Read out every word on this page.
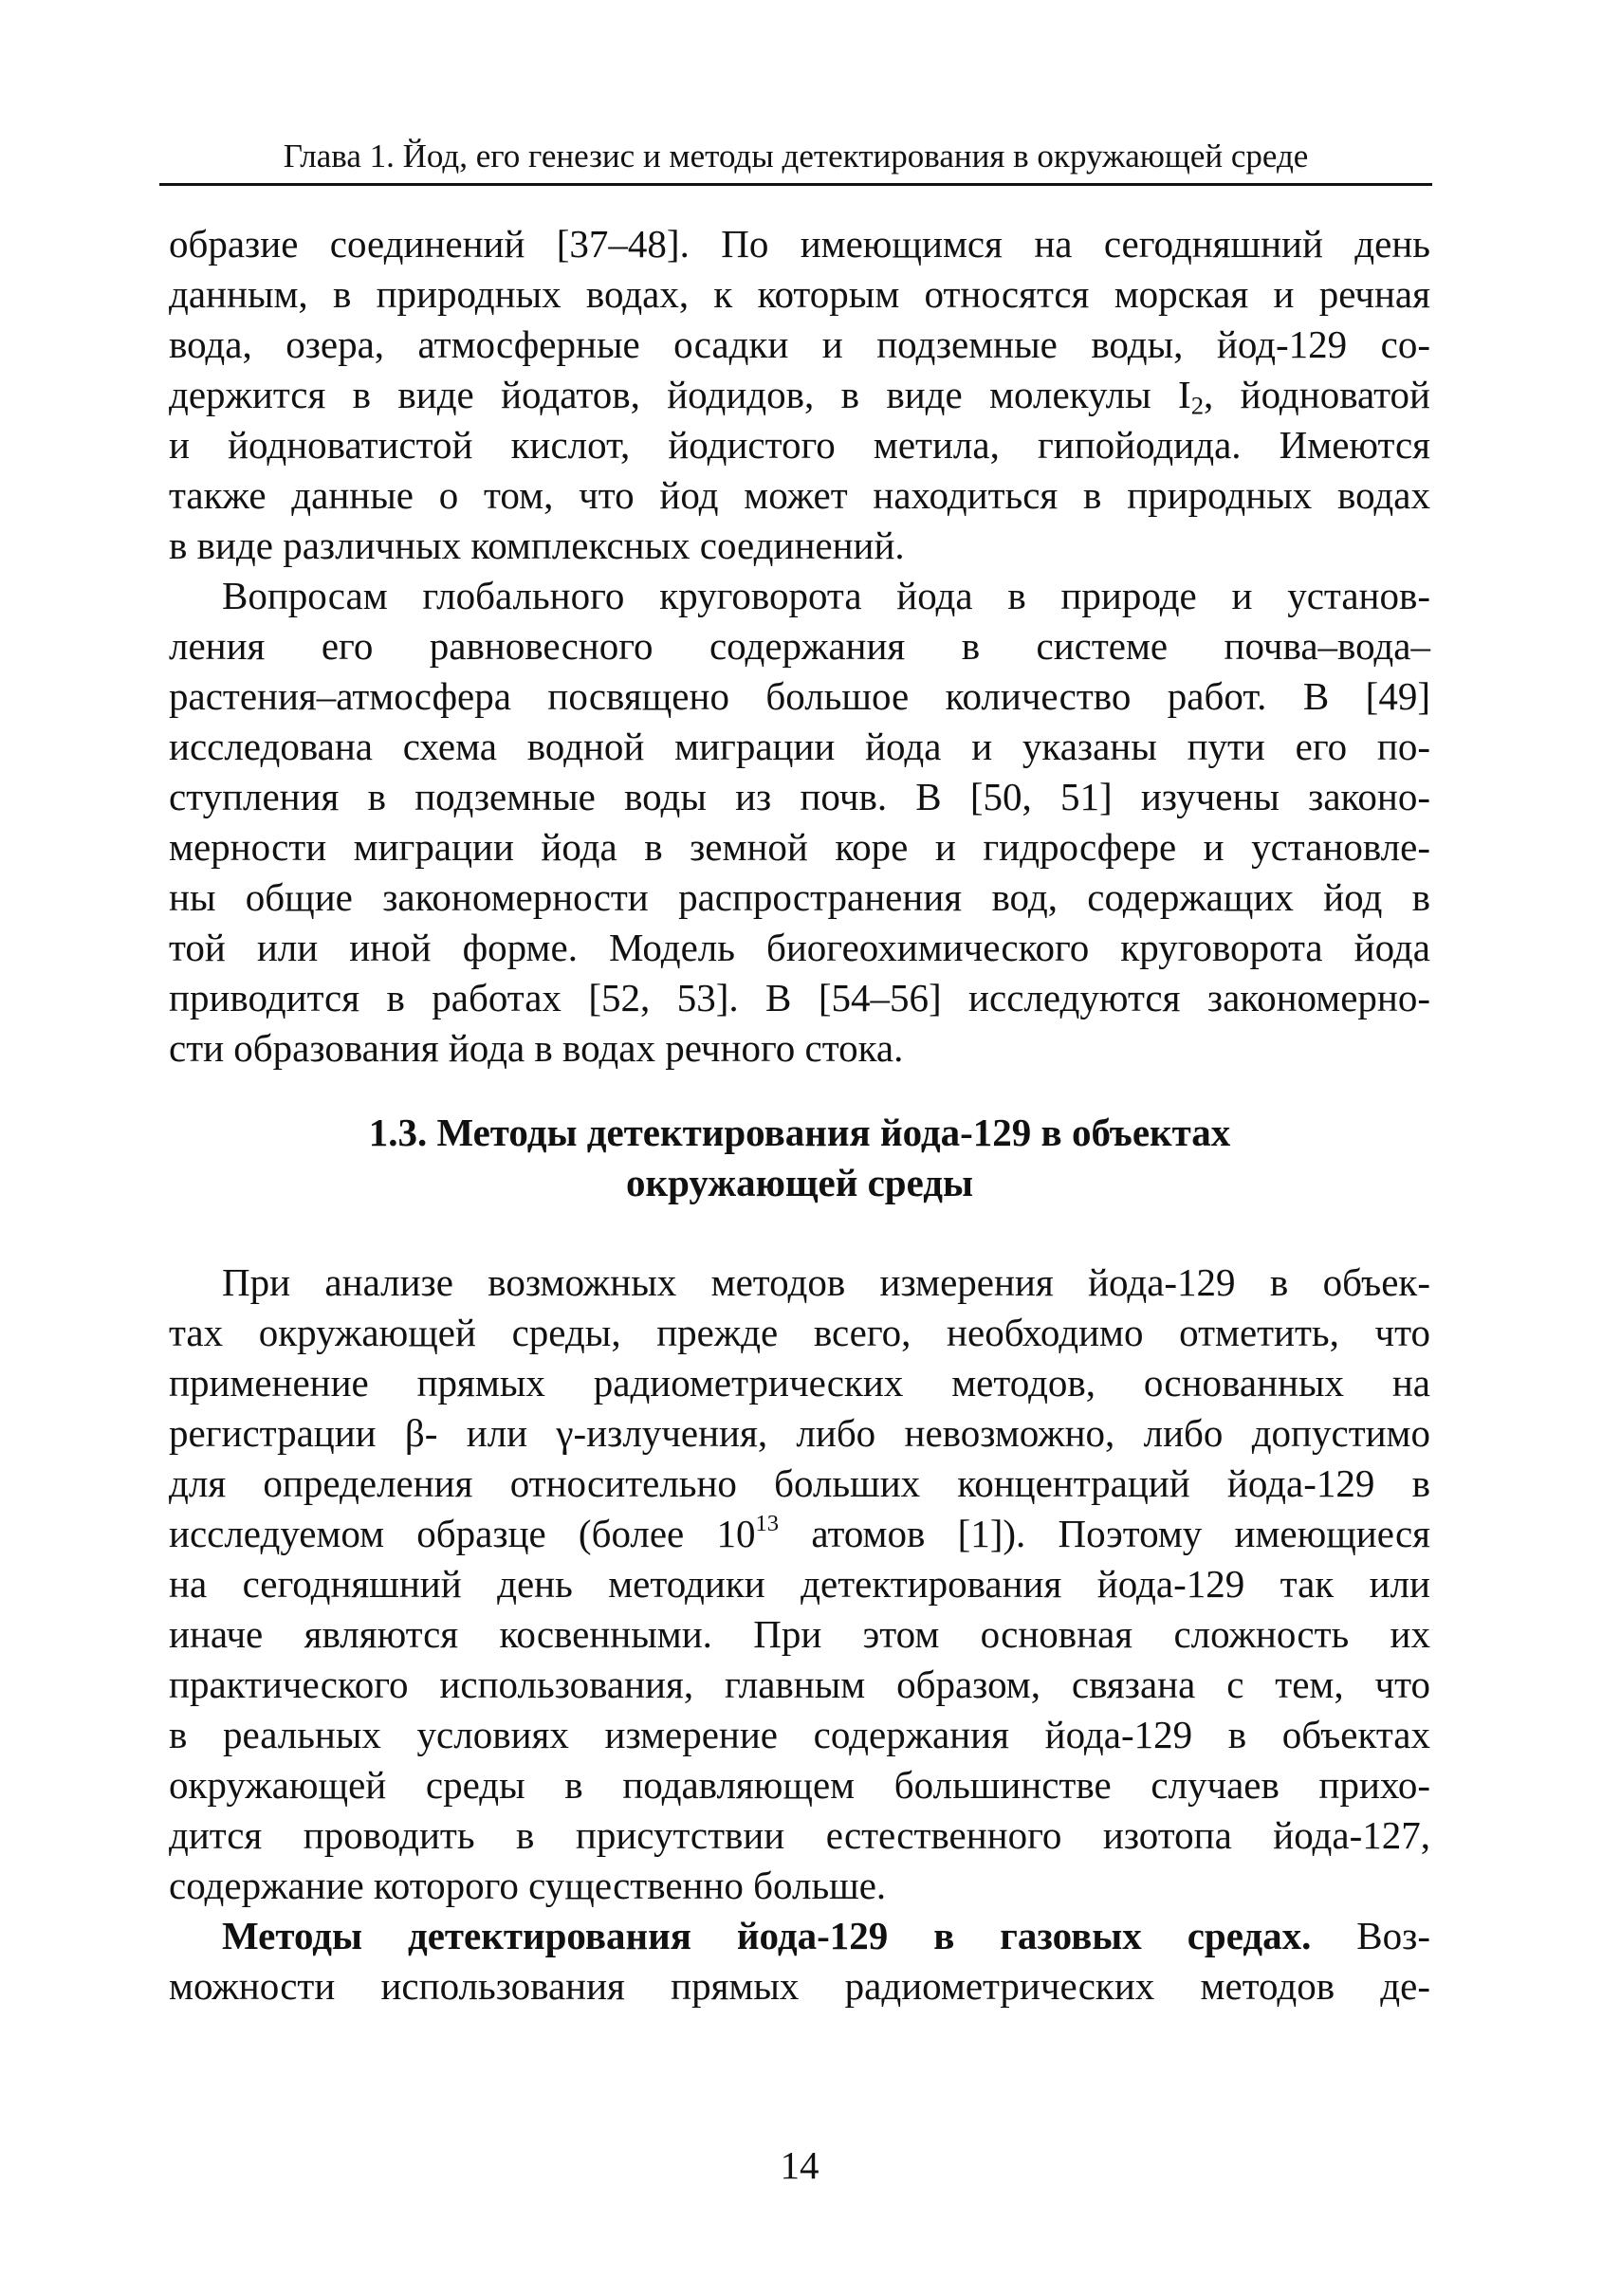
Глава 1. Йод, его генезис и методы детектирования в окружающей среде
образие соединений [37–48]. По имеющимся на сегодняшний день
данным, в природных водах, к которым относятся морская и речная
вода, озера, атмосферные осадки и подземные воды, йод-129 со-
держится в виде йодатов, йодидов, в виде молекулы $I_2$, йодноватой
и йодноватистой кислот, йодистого метила, гипойодида. Имеются
также данные о том, что йод может находиться в природных водах
в виде различных комплексных соединений.
Вопросам глобального круговорота йода в природе и установ-
ления его равновесного содержания в системе почва–вода–
растения–атмосфера посвящено большое количество работ. В [49]
исследована схема водной миграции йода и указаны пути его по-
ступления в подземные воды из почв. В [50, 51] изучены законо-
мерности миграции йода в земной коре и гидросфере и установле-
ны общие закономерности распространения вод, содержащих йод в
той или иной форме. Модель биогеохимического круговорота йода
приводится в работах [52, 53]. В [54–56] исследуются закономерно-
сти образования йода в водах речного стока.
1.3. Методы детектирования йода-129 в объектах
окружающей среды
При анализе возможных методов измерения йода-129 в объек-
тах окружающей среды, прежде всего, необходимо отметить, что
применение прямых радиометрических методов, основанных на
регистрации β- или γ-излучения, либо невозможно, либо допустимо
для определения относительно больших концентраций йода-129 в
исследуемом образце (более $10^{13}$ атомов [1]). Поэтому имеющиеся
на сегодняшний день методики детектирования йода-129 так или
иначе являются косвенными. При этом основная сложность их
практического использования, главным образом, связана с тем, что
в реальных условиях измерение содержания йода-129 в объектах
окружающей среды в подавляющем большинстве случаев прихо-
дится проводить в присутствии естественного изотопа йода-127,
содержание которого существенно больше.
Методы детектирования йода-129 в газовых средах. Воз-
можности использования прямых радиометрических методов де-
14
